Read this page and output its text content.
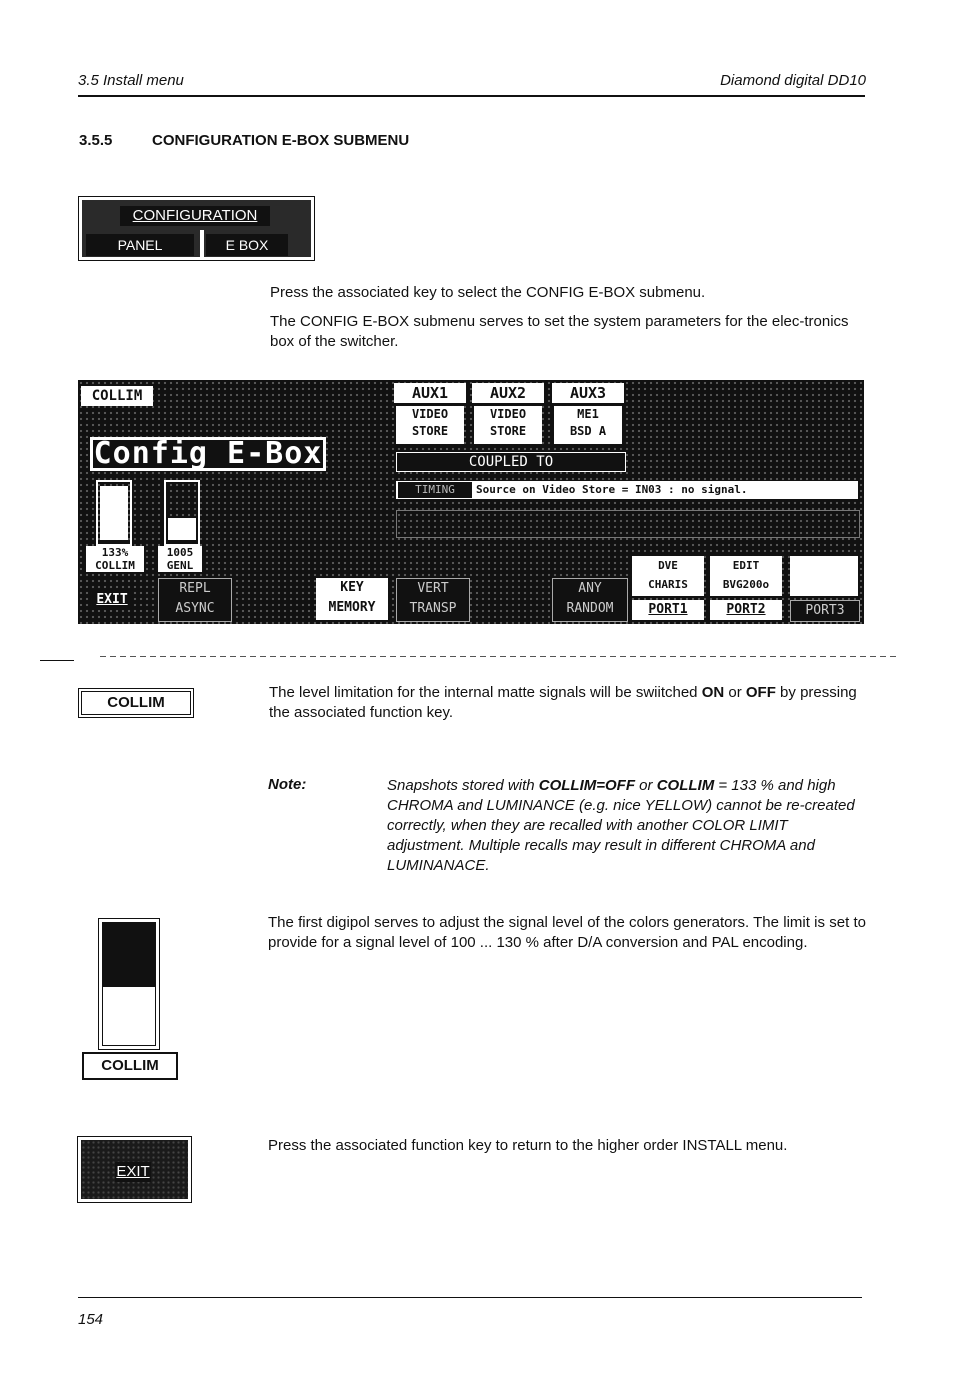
3.5 Install menu	Diamond digital DD10
3.5.5	CONFIGURATION E-BOX SUBMENU
CONFIGURATION
PANEL	E BOX
Press the associated key to select the CONFIG E-BOX submenu.
The CONFIG E-BOX submenu serves to set the system parameters for the elec-tronics box of the switcher.
COLLIM
Config E-Box
AUX1	AUX2	AUX3
VIDEO
STORE
VIDEO
STORE
ME1
BSD A
COUPLED TO
TIMING	Source on Video Store = IN03 : no signal.
133%
COLLIM
1005
GENL
EXIT
REPL
ASYNC
KEY
MEMORY
VERT
TRANSP
ANY
RANDOM
DVE
CHARIS
PORT1
EDIT
BVG200o
PORT2	PORT3
COLLIM
The level limitation for the internal matte signals will be swiitched ON or OFF by pressing the associated function key.
Note:	Snapshots stored with COLLIM=OFF or COLLIM = 133 % and high CHROMA and LUMINANCE (e.g. nice YELLOW) cannot be re-created correctly, when they are recalled with another COLOR LIMIT adjustment. Multiple recalls may result in different CHROMA and LUMINANACE.
COLLIM
The first digipol serves to adjust the signal level of the colors generators. The limit is set to provide for a signal level of 100 ... 130 % after D/A conversion and PAL encoding.
EXIT
Press the associated function key to return to the higher order INSTALL menu.
154
